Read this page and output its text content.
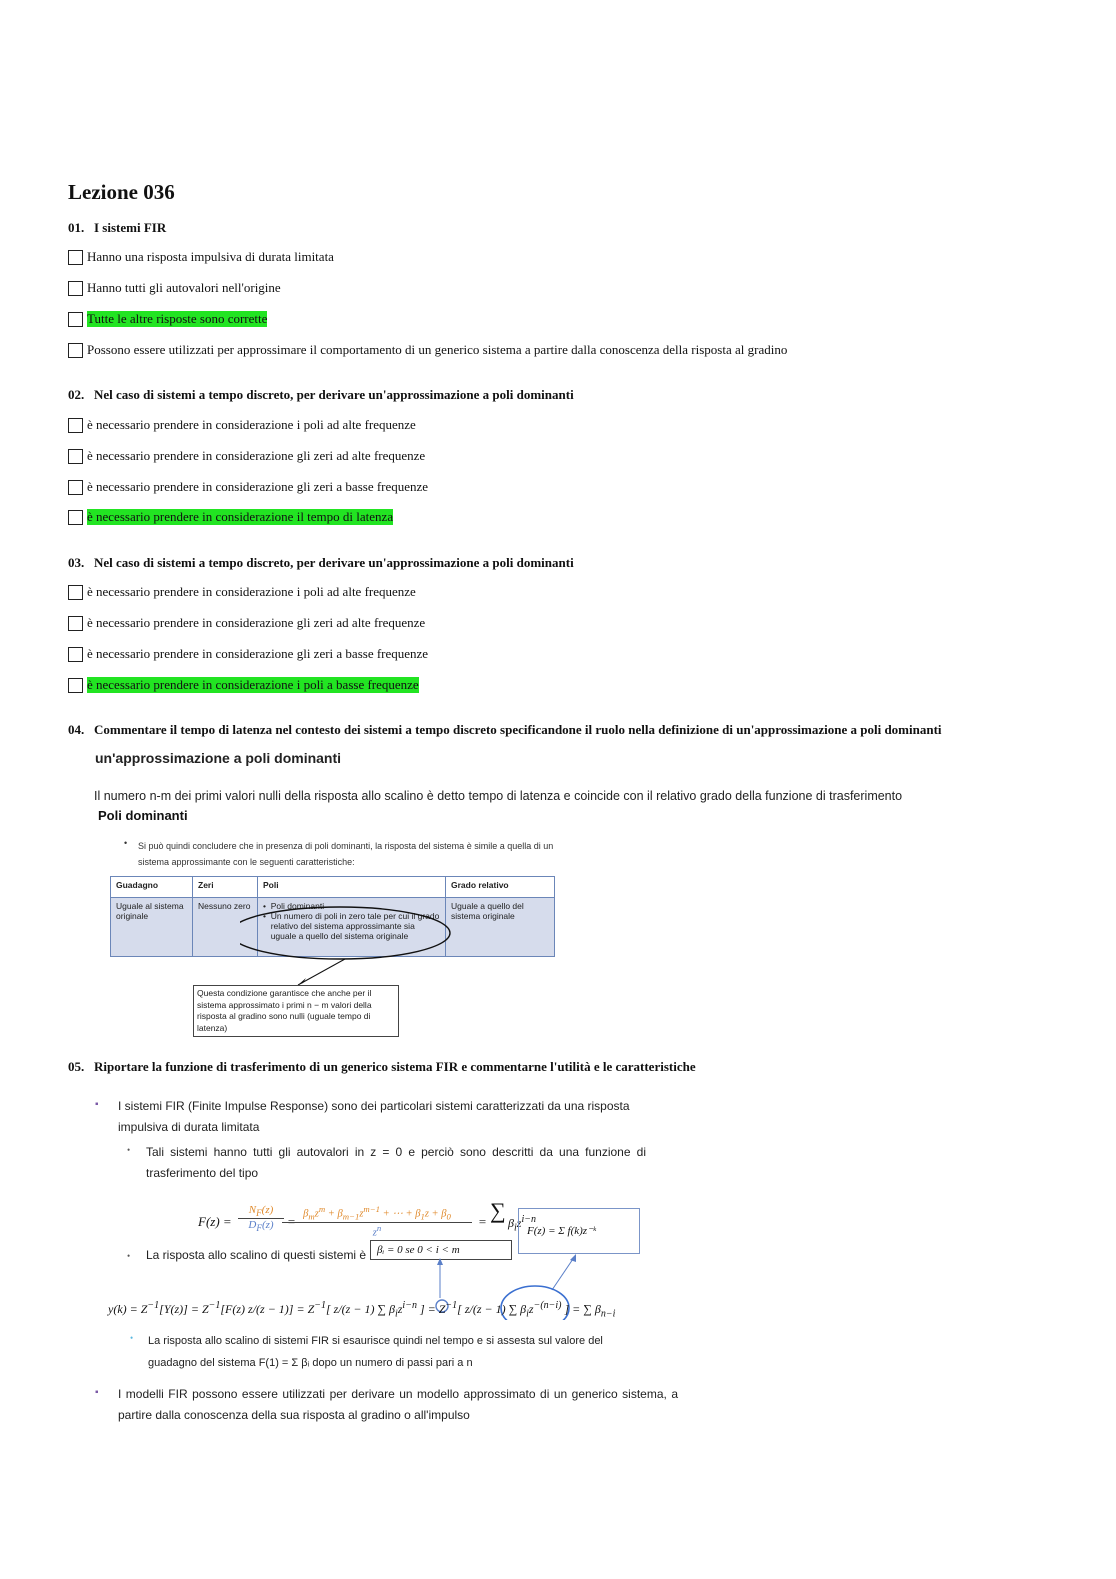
Lezione 036
01. I sistemi FIR
Hanno una risposta impulsiva di durata limitata
Hanno tutti gli autovalori nell'origine
Tutte le altre risposte sono corrette
Possono essere utilizzati per approssimare il comportamento di un generico sistema a partire dalla conoscenza della risposta al gradino
02. Nel caso di sistemi a tempo discreto, per derivare un'approssimazione a poli dominanti
è necessario prendere in considerazione i poli ad alte frequenze
è necessario prendere in considerazione gli zeri ad alte frequenze
è necessario prendere in considerazione gli zeri a basse frequenze
è necessario prendere in considerazione il tempo di latenza
03. Nel caso di sistemi a tempo discreto, per derivare un'approssimazione a poli dominanti
è necessario prendere in considerazione i poli ad alte frequenze
è necessario prendere in considerazione gli zeri ad alte frequenze
è necessario prendere in considerazione gli zeri a basse frequenze
è necessario prendere in considerazione i poli a basse frequenze
04. Commentare il tempo di latenza nel contesto dei sistemi a tempo discreto specificandone il ruolo nella definizione di un'approssimazione a poli dominanti
un'approssimazione a poli dominanti
Il numero n-m dei primi valori nulli della risposta allo scalino è detto tempo di latenza e coincide con il relativo grado della funzione di trasferimento
Poli dominanti
• Si può quindi concludere che in presenza di poli dominanti, la risposta del sistema è simile a quella di un sistema approssimante con le seguenti caratteristiche:
Guadagno	Zeri	Poli	Grado relativo
Uguale al sistema originale	Nessuno zero	•  Poli dominanti
• Un numero di poli in zero tale per cui il grado relativo del sistema approssimante sia uguale a quello del sistema originale	Uguale a quello del sistema originale
Questa condizione garantisce che anche per il sistema approssimato i primi n − m valori della risposta al gradino sono nulli (uguale tempo di latenza)
05. Riportare la funzione di trasferimento di un generico sistema FIR e commentarne l'utilità e le caratteristiche
▪ I sistemi FIR (Finite Impulse Response) sono dei particolari sistemi caratterizzati da una risposta impulsiva di durata limitata
• Tali sistemi hanno tutti gli autovalori in z = 0 e perciò sono descritti da una funzione di trasferimento del tipo
F(z) =
$N_F(z)$
$D_F(z)$	= $\beta_mz^m + \beta_{m-1}z^{m-1}$ + ⋯ + $\beta_1z + \beta_0$
$z^n$	= ∑ $\beta_iz^{i-n}$
F(z) = Σ f(k)z⁻ᵏ
• La risposta allo scalino di questi sistemi è βᵢ = 0 se 0 < i < m
$y(k) = Z^{-1}[Y(z)] = Z^{-1}[F(z) z/(z - 1)] = Z^{-1}$[ z/(z − 1) ∑ $\beta_iz^{i-n}$ ] = $Z^{-1}$[ z/(z − 1) ∑ $\beta_iz^{-(n-i)}$ ] = ∑ $\beta_{n-i}$
• La risposta allo scalino di sistemi FIR si esaurisce quindi nel tempo e si assesta sul valore del guadagno del sistema F(1) = Σ βᵢ dopo un numero di passi pari a n
▪ I modelli FIR possono essere utilizzati per derivare un modello approssimato di un generico sistema, a partire dalla conoscenza della sua risposta al gradino o all'impulso
